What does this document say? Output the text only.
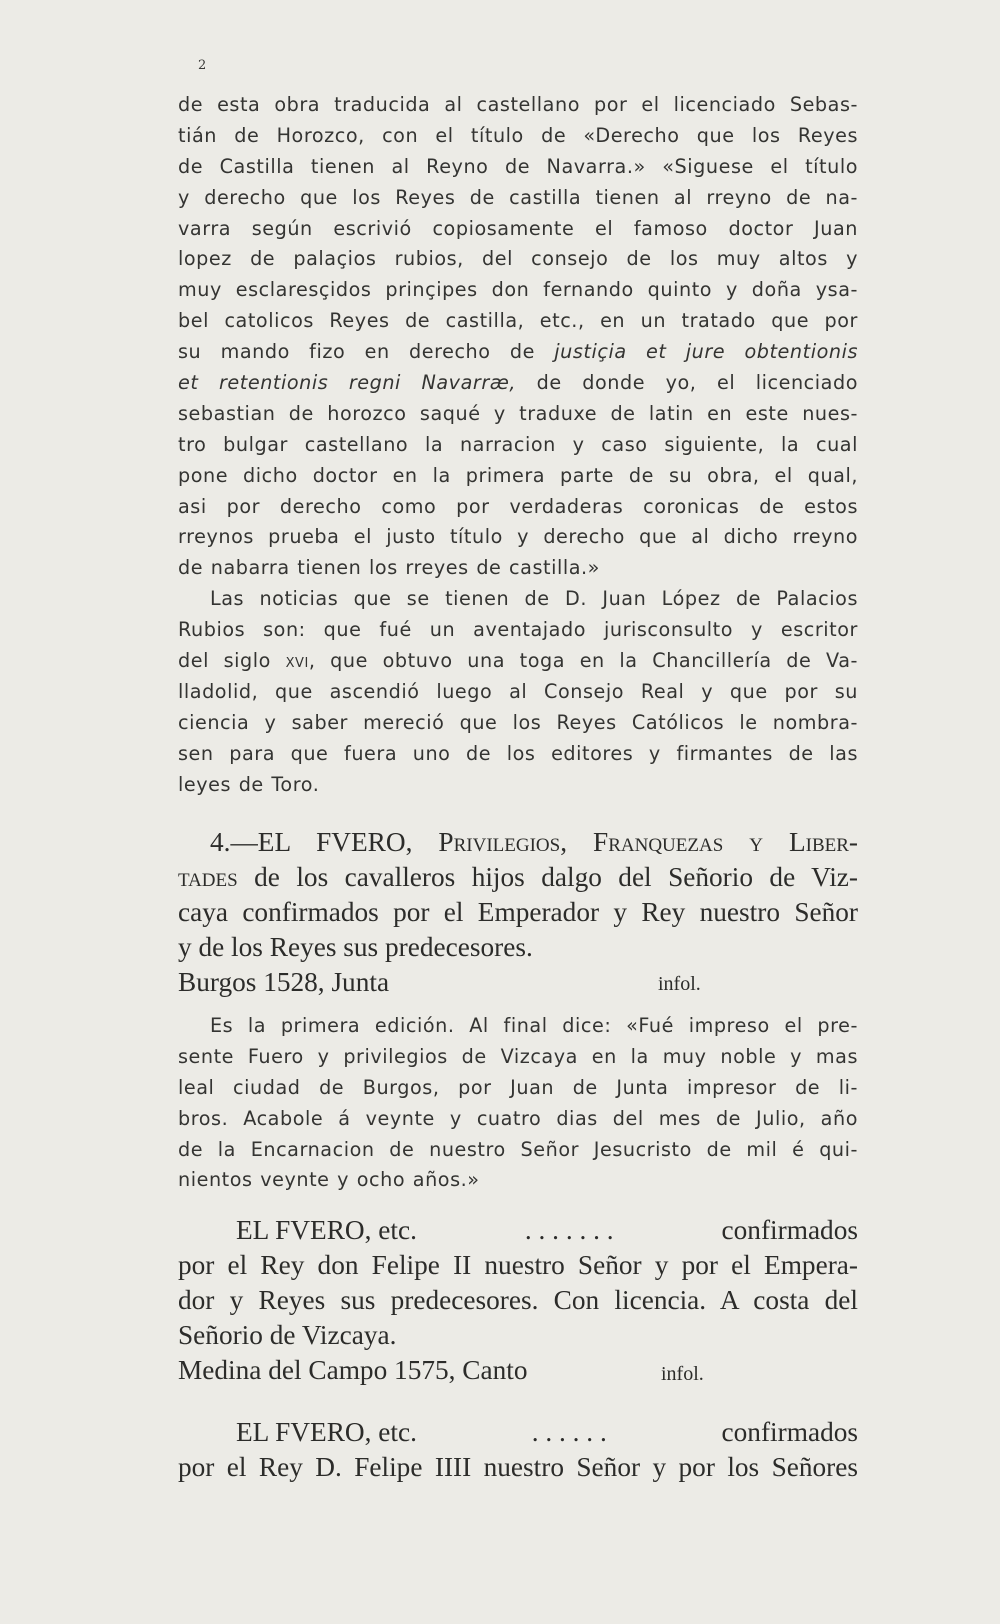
2
de esta obra traducida al castellano por el licenciado Sebas-
tián de Horozco, con el título de «Derecho que los Reyes
de Castilla tienen al Reyno de Navarra.» «Siguese el título
y derecho que los Reyes de castilla tienen al rreyno de na-
varra según escrivió copiosamente el famoso doctor Juan
lopez de palaçios rubios, del consejo de los muy altos y
muy esclaresçidos prinçipes don fernando quinto y doña ysa-
bel catolicos Reyes de castilla, etc., en un tratado que por
su mando fizo en derecho de justiçia et jure obtentionis
et retentionis regni Navarræ, de donde yo, el licenciado
sebastian de horozco saqué y traduxe de latin en este nues-
tro bulgar castellano la narracion y caso siguiente, la cual
pone dicho doctor en la primera parte de su obra, el qual,
asi por derecho como por verdaderas coronicas de estos
rreynos prueba el justo título y derecho que al dicho rreyno
de nabarra tienen los rreyes de castilla.»
Las noticias que se tienen de D. Juan López de Palacios
Rubios son: que fué un aventajado jurisconsulto y escritor
del siglo xvi, que obtuvo una toga en la Chancillería de Va-
lladolid, que ascendió luego al Consejo Real y que por su
ciencia y saber mereció que los Reyes Católicos le nombra-
sen para que fuera uno de los editores y firmantes de las
leyes de Toro.
4.—EL FVERO, Privilegios, Franquezas y Liber-
tades de los cavalleros hijos dalgo del Señorio de Viz-
caya confirmados por el Emperador y Rey nuestro Señor
y de los Reyes sus predecesores.
Burgos 1528, Junta	infol.
Es la primera edición. Al final dice: «Fué impreso el pre-
sente Fuero y privilegios de Vizcaya en la muy noble y mas
leal ciudad de Burgos, por Juan de Junta impresor de li-
bros. Acabole á veynte y cuatro dias del mes de Julio, año
de la Encarnacion de nuestro Señor Jesucristo de mil é qui-
nientos veynte y ocho años.»
EL FVERO, etc.	. . . . . . .	confirmados
por el Rey don Felipe II nuestro Señor y por el Empera-
dor y Reyes sus predecesores. Con licencia. A costa del
Señorio de Vizcaya.
Medina del Campo 1575, Canto	infol.
EL FVERO, etc.	. . . . . .	confirmados
por el Rey D. Felipe IIII nuestro Señor y por los Señores
